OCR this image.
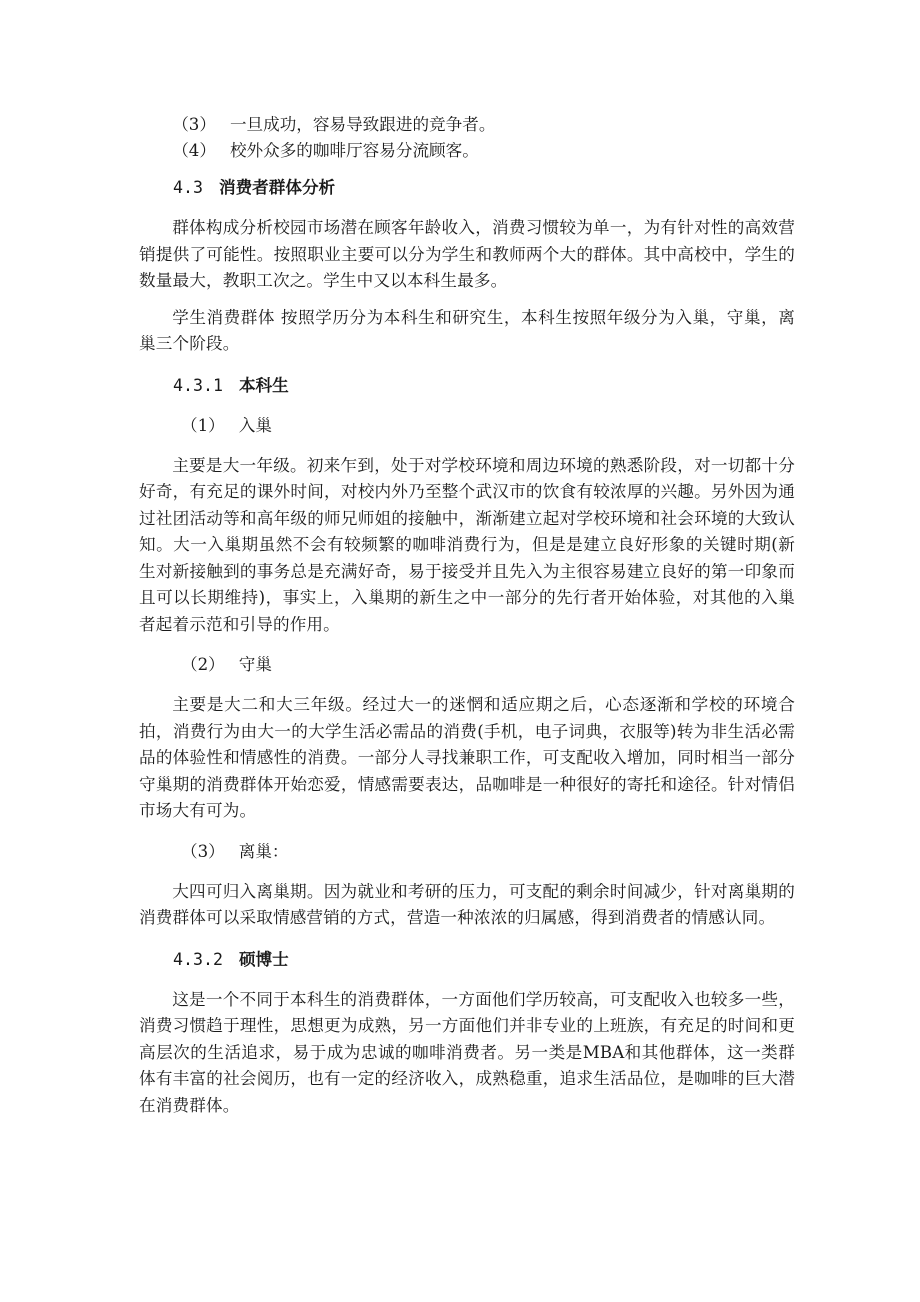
（3） 一旦成功，容易导致跟进的竞争者。

（4） 校外众多的咖啡厅容易分流顾客。

4.3 消费者群体分析

群体构成分析校园市场潜在顾客年龄收入，消费习惯较为单一，为有针对性的高效营销提供了可能性。按照职业主要可以分为学生和教师两个大的群体。其中高校中，学生的数量最大，教职工次之。学生中又以本科生最多。

学生消费群体 按照学历分为本科生和研究生，本科生按照年级分为入巢，守巢，离巢三个阶段。

4.3.1 本科生

（1） 入巢

主要是大一年级。初来乍到，处于对学校环境和周边环境的熟悉阶段，对一切都十分好奇，有充足的课外时间，对校内外乃至整个武汉市的饮食有较浓厚的兴趣。另外因为通过社团活动等和高年级的师兄师姐的接触中，渐渐建立起对学校环境和社会环境的大致认知。大一入巢期虽然不会有较频繁的咖啡消费行为，但是是建立良好形象的关键时期(新生对新接触到的事务总是充满好奇，易于接受并且先入为主很容易建立良好的第一印象而且可以长期维持)，事实上，入巢期的新生之中一部分的先行者开始体验，对其他的入巢者起着示范和引导的作用。

（2） 守巢

主要是大二和大三年级。经过大一的迷惘和适应期之后，心态逐渐和学校的环境合拍，消费行为由大一的大学生活必需品的消费(手机，电子词典，衣服等)转为非生活必需品的体验性和情感性的消费。一部分人寻找兼职工作，可支配收入增加，同时相当一部分守巢期的消费群体开始恋爱，情感需要表达，品咖啡是一种很好的寄托和途径。针对情侣市场大有可为。

（3） 离巢：

大四可归入离巢期。因为就业和考研的压力，可支配的剩余时间减少，针对离巢期的消费群体可以采取情感营销的方式，营造一种浓浓的归属感，得到消费者的情感认同。

4.3.2 硕博士

这是一个不同于本科生的消费群体，一方面他们学历较高，可支配收入也较多一些，消费习惯趋于理性，思想更为成熟，另一方面他们并非专业的上班族，有充足的时间和更高层次的生活追求，易于成为忠诚的咖啡消费者。另一类是MBA和其他群体，这一类群体有丰富的社会阅历，也有一定的经济收入，成熟稳重，追求生活品位，是咖啡的巨大潜在消费群体。
